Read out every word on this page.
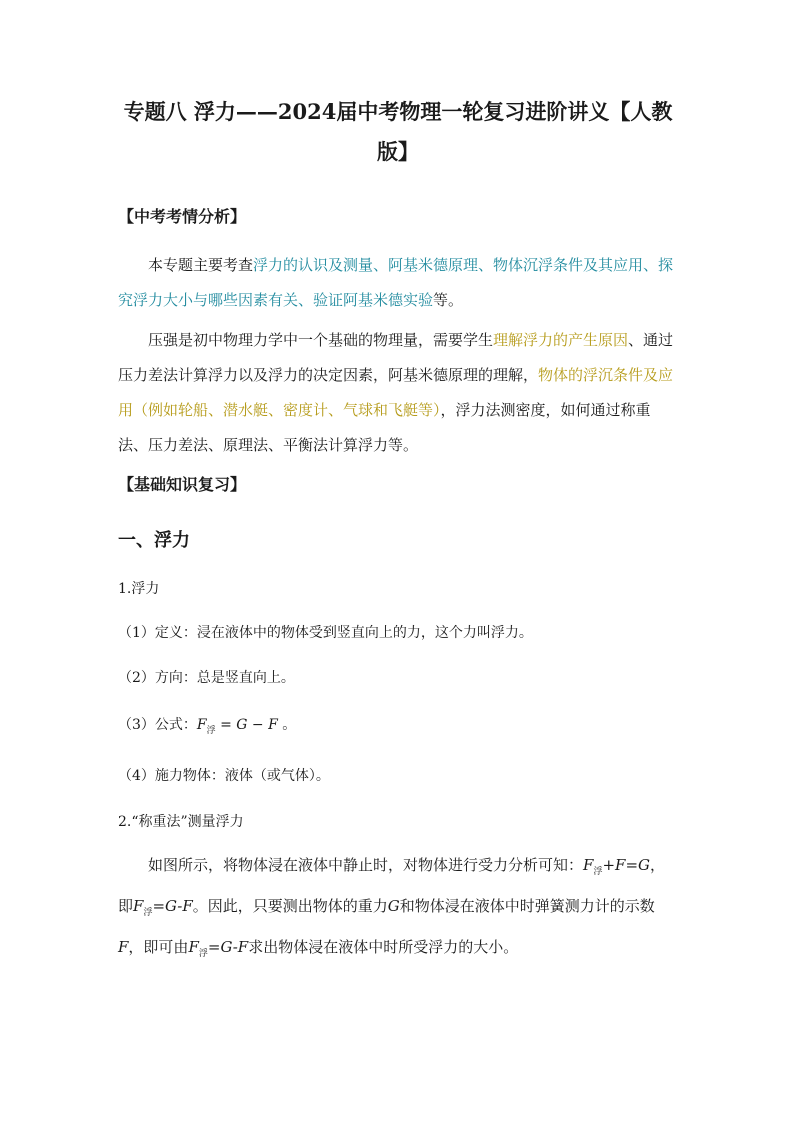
专题八 浮力——2024届中考物理一轮复习进阶讲义【人教版】
【中考考情分析】

本专题主要考查浮力的认识及测量、阿基米德原理、物体沉浮条件及其应用、探究浮力大小与哪些因素有关、验证阿基米德实验等。

压强是初中物理力学中一个基础的物理量，需要学生理解浮力的产生原因、通过压力差法计算浮力以及浮力的决定因素，阿基米德原理的理解，物体的浮沉条件及应用（例如轮船、潜水艇、密度计、气球和飞艇等），浮力法测密度，如何通过称重法、压力差法、原理法、平衡法计算浮力等。

【基础知识复习】
一、浮力
1.浮力
（1）定义：浸在液体中的物体受到竖直向上的力，这个力叫浮力。
（2）方向：总是竖直向上。
（3）公式：$F_浮 = G - F$ 。
（4）施力物体：液体（或气体）。
2.“称重法”测量浮力

如图所示，将物体浸在液体中静止时，对物体进行受力分析可知：$F_浮+F=G$，即$F_浮=G-F$。因此，只要测出物体的重力G和物体浸在液体中时弹簧测力计的示数F，即可由$F_浮=G-F$求出物体浸在液体中时所受浮力的大小。
